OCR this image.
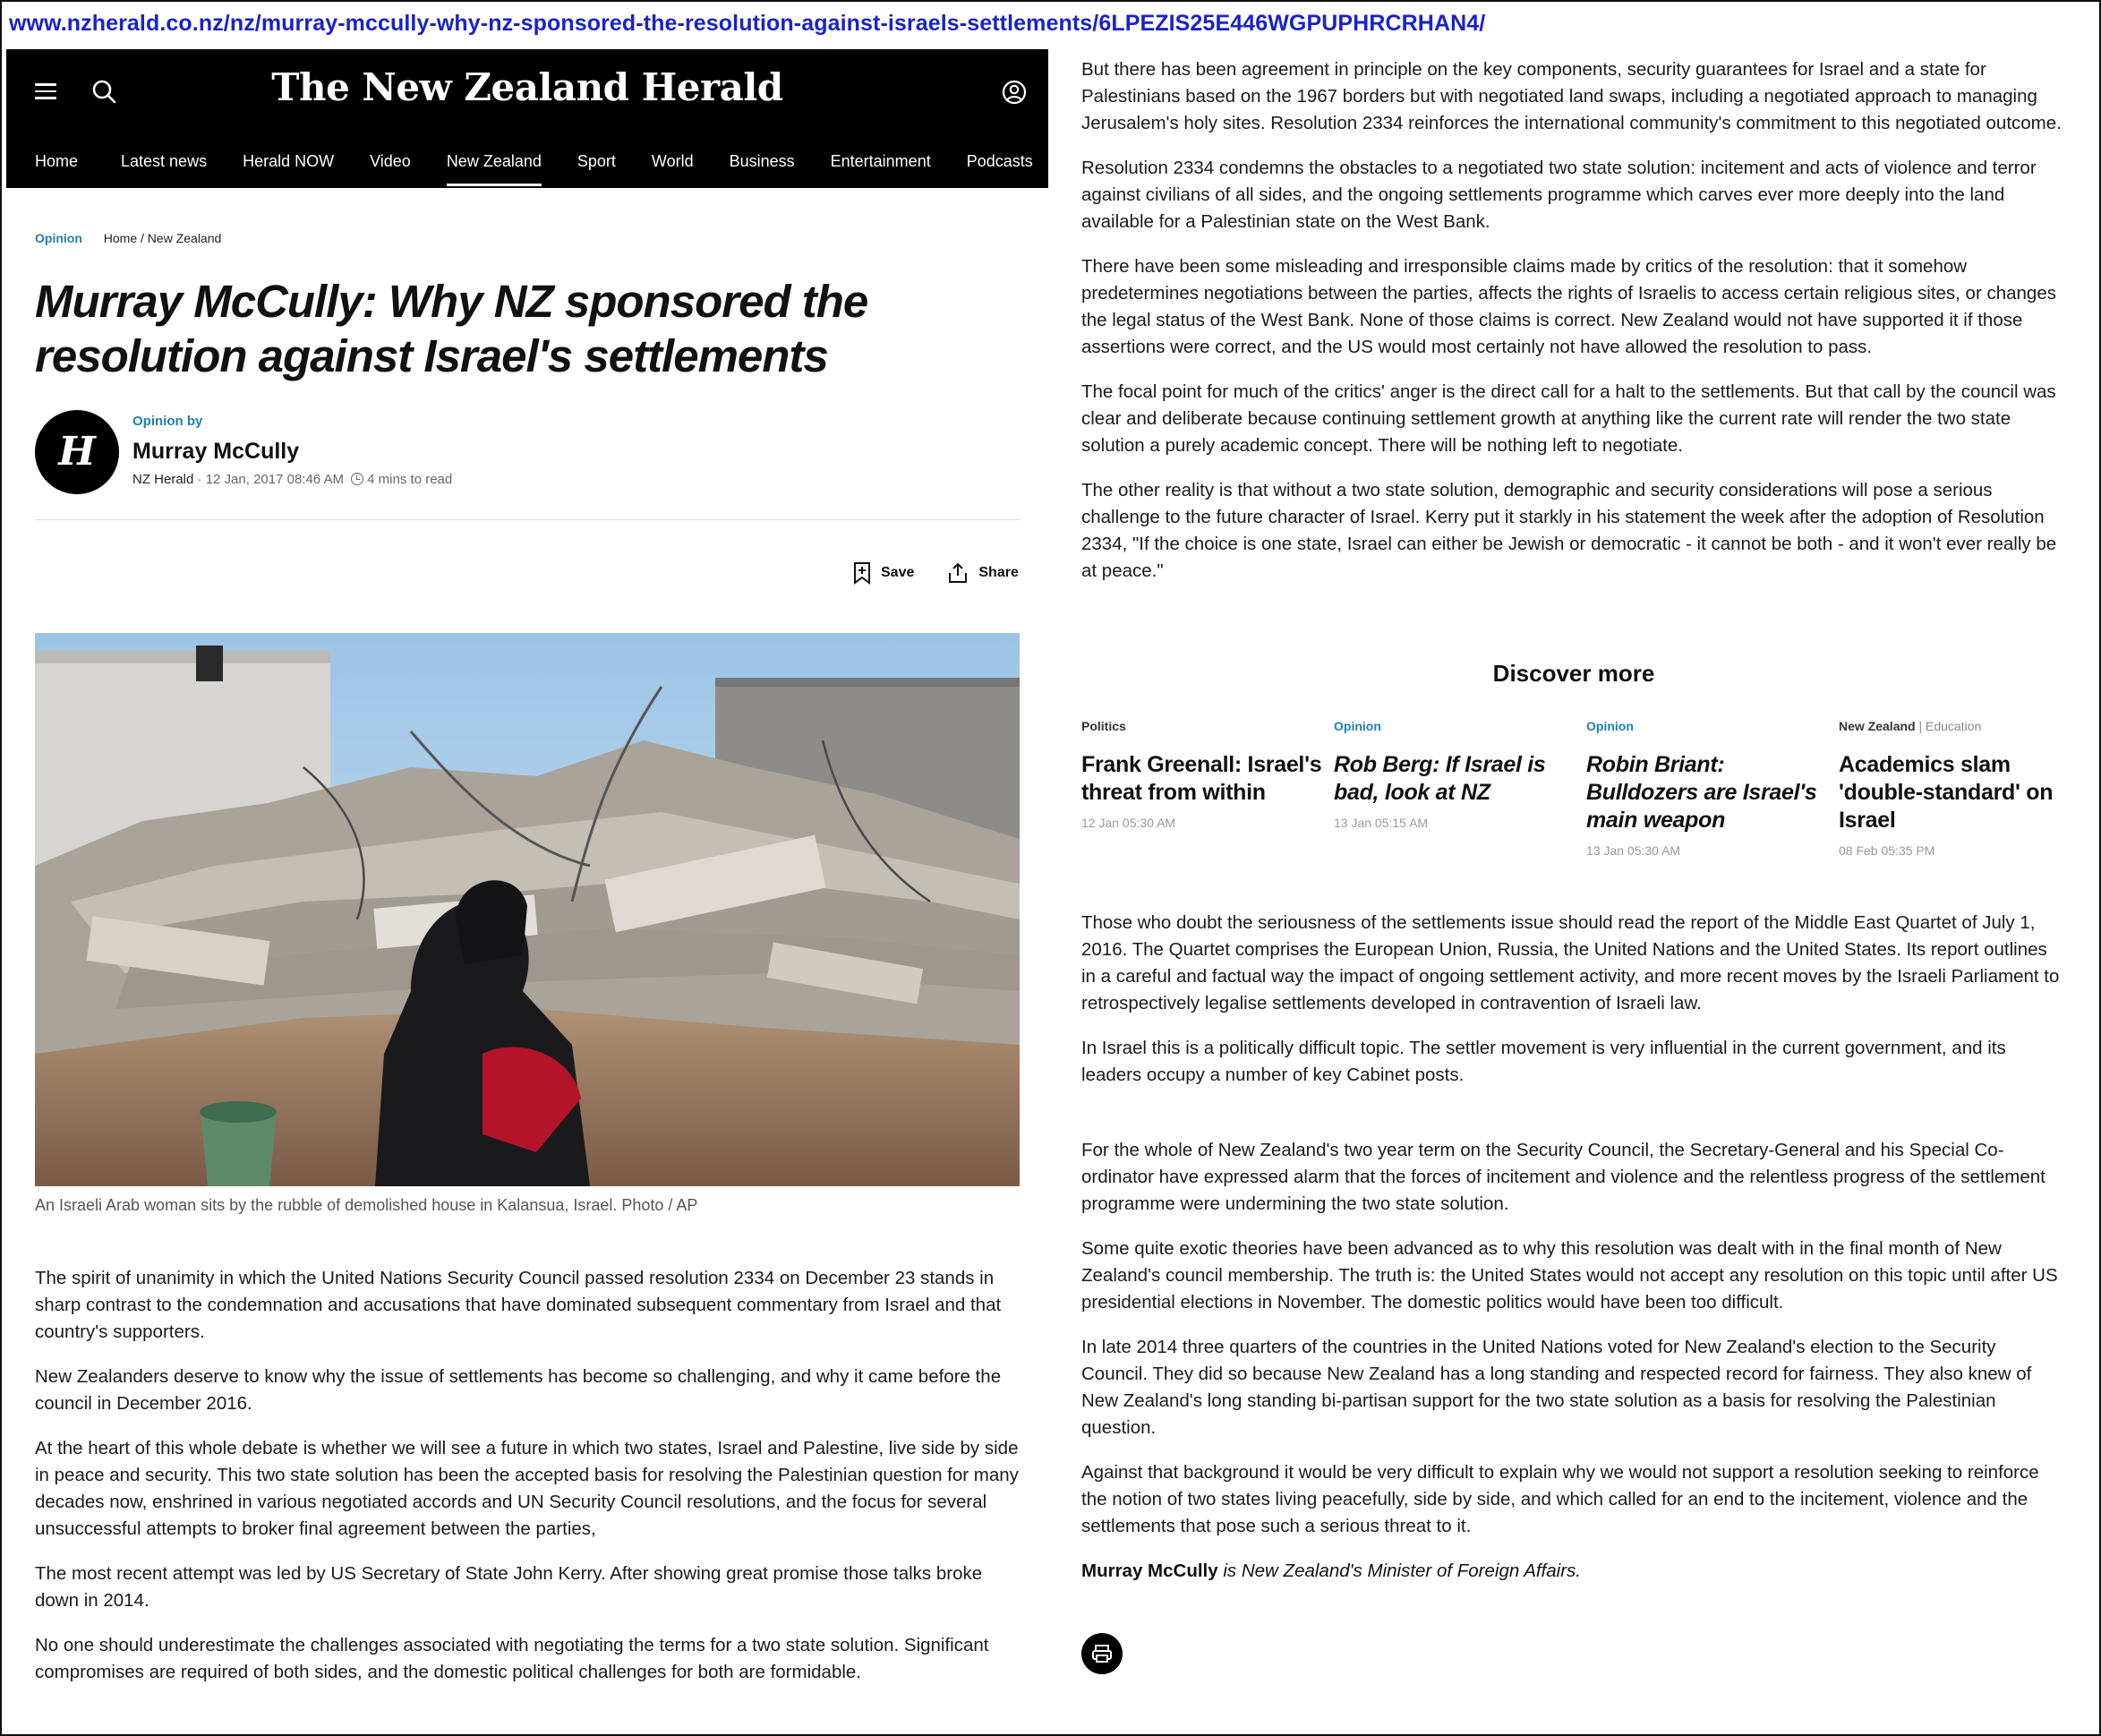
www.nzherald.co.nz/nz/murray-mccully-why-nz-sponsored-the-resolution-against-israels-settlements/6LPEZIS25E446WGPUPHRCRHAN4/
The New Zealand Herald
Home	Latest news Herald NOW Video New Zealand Sport World Business Entertainment Podcasts
Opinion Home / New Zealand
Murray McCully: Why NZ sponsored the resolution against Israel's settlements
H
Opinion by
Murray McCully
NZ Herald · 12 Jan, 2017 08:46 AM 4 mins to read
Save	Share
An Israeli Arab woman sits by the rubble of demolished house in Kalansua, Israel. Photo / AP

The spirit of unanimity in which the United Nations Security Council passed resolution 2334 on December 23 stands in sharp contrast to the condemnation and accusations that have dominated subsequent commentary from Israel and that country's supporters.

New Zealanders deserve to know why the issue of settlements has become so challenging, and why it came before the council in December 2016.

At the heart of this whole debate is whether we will see a future in which two states, Israel and Palestine, live side by side in peace and security. This two state solution has been the accepted basis for resolving the Palestinian question for many decades now, enshrined in various negotiated accords and UN Security Council resolutions, and the focus for several unsuccessful attempts to broker final agreement between the parties,

The most recent attempt was led by US Secretary of State John Kerry. After showing great promise those talks broke down in 2014.

No one should underestimate the challenges associated with negotiating the terms for a two state solution. Significant compromises are required of both sides, and the domestic political challenges for both are formidable.

But there has been agreement in principle on the key components, security guarantees for Israel and a state for Palestinians based on the 1967 borders but with negotiated land swaps, including a negotiated approach to managing Jerusalem's holy sites. Resolution 2334 reinforces the international community's commitment to this negotiated outcome.

Resolution 2334 condemns the obstacles to a negotiated two state solution: incitement and acts of violence and terror against civilians of all sides, and the ongoing settlements programme which carves ever more deeply into the land available for a Palestinian state on the West Bank.

There have been some misleading and irresponsible claims made by critics of the resolution: that it somehow predetermines negotiations between the parties, affects the rights of Israelis to access certain religious sites, or changes the legal status of the West Bank. None of those claims is correct. New Zealand would not have supported it if those assertions were correct, and the US would most certainly not have allowed the resolution to pass.

The focal point for much of the critics' anger is the direct call for a halt to the settlements. But that call by the council was clear and deliberate because continuing settlement growth at anything like the current rate will render the two state solution a purely academic concept. There will be nothing left to negotiate.

The other reality is that without a two state solution, demographic and security considerations will pose a serious challenge to the future character of Israel. Kerry put it starkly in his statement the week after the adoption of Resolution 2334, "If the choice is one state, Israel can either be Jewish or democratic - it cannot be both - and it won't ever really be at peace."

Discover more
Politics
Frank Greenall: Israel's threat from within
12 Jan 05:30 AM
Opinion
Rob Berg: If Israel is bad, look at NZ
13 Jan 05:15 AM
Opinion
Robin Briant: Bulldozers are Israel's main weapon
13 Jan 05:30 AM
New Zealand | Education
Academics slam 'double-standard' on Israel
08 Feb 05:35 PM

Those who doubt the seriousness of the settlements issue should read the report of the Middle East Quartet of July 1, 2016. The Quartet comprises the European Union, Russia, the United Nations and the United States. Its report outlines in a careful and factual way the impact of ongoing settlement activity, and more recent moves by the Israeli Parliament to retrospectively legalise settlements developed in contravention of Israeli law.

In Israel this is a politically difficult topic. The settler movement is very influential in the current government, and its leaders occupy a number of key Cabinet posts.

For the whole of New Zealand's two year term on the Security Council, the Secretary-General and his Special Co-ordinator have expressed alarm that the forces of incitement and violence and the relentless progress of the settlement programme were undermining the two state solution.

Some quite exotic theories have been advanced as to why this resolution was dealt with in the final month of New Zealand's council membership. The truth is: the United States would not accept any resolution on this topic until after US presidential elections in November. The domestic politics would have been too difficult.

In late 2014 three quarters of the countries in the United Nations voted for New Zealand's election to the Security Council. They did so because New Zealand has a long standing and respected record for fairness. They also knew of New Zealand's long standing bi-partisan support for the two state solution as a basis for resolving the Palestinian question.

Against that background it would be very difficult to explain why we would not support a resolution seeking to reinforce the notion of two states living peacefully, side by side, and which called for an end to the incitement, violence and the settlements that pose such a serious threat to it.

Murray McCully is New Zealand's Minister of Foreign Affairs.
